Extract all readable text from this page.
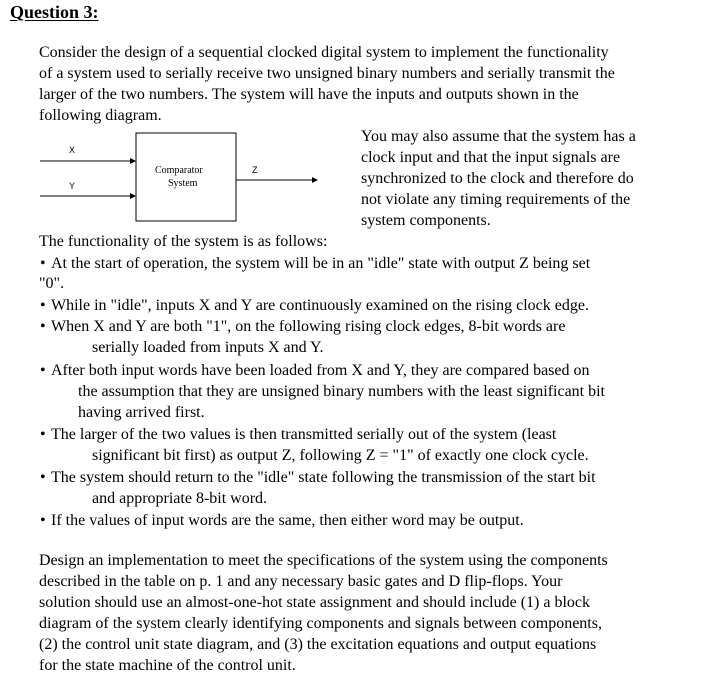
Question 3:
Consider the design of a sequential clocked digital system to implement the functionality
of a system used to serially receive two unsigned binary numbers and serially transmit the
larger of the two numbers. The system will have the inputs and outputs shown in the
following diagram.
X
Y
Z
Comparator
System
You may also assume that the system has a
clock input and that the input signals are
synchronized to the clock and therefore do
not violate any timing requirements of the
system components.
The functionality of the system is as follows:
• At the start of operation, the system will be in an "idle" state with output Z being set
"0".
• While in "idle", inputs X and Y are continuously examined on the rising clock edge.
• When X and Y are both "1", on the following rising clock edges, 8-bit words are
serially loaded from inputs X and Y.
• After both input words have been loaded from X and Y, they are compared based on
the assumption that they are unsigned binary numbers with the least significant bit
having arrived first.
• The larger of the two values is then transmitted serially out of the system (least
significant bit first) as output Z, following Z = "1" of exactly one clock cycle.
• The system should return to the "idle" state following the transmission of the start bit
and appropriate 8-bit word.
• If the values of input words are the same, then either word may be output.
Design an implementation to meet the specifications of the system using the components
described in the table on p. 1 and any necessary basic gates and D flip-flops. Your
solution should use an almost-one-hot state assignment and should include (1) a block
diagram of the system clearly identifying components and signals between components,
(2) the control unit state diagram, and (3) the excitation equations and output equations
for the state machine of the control unit.
